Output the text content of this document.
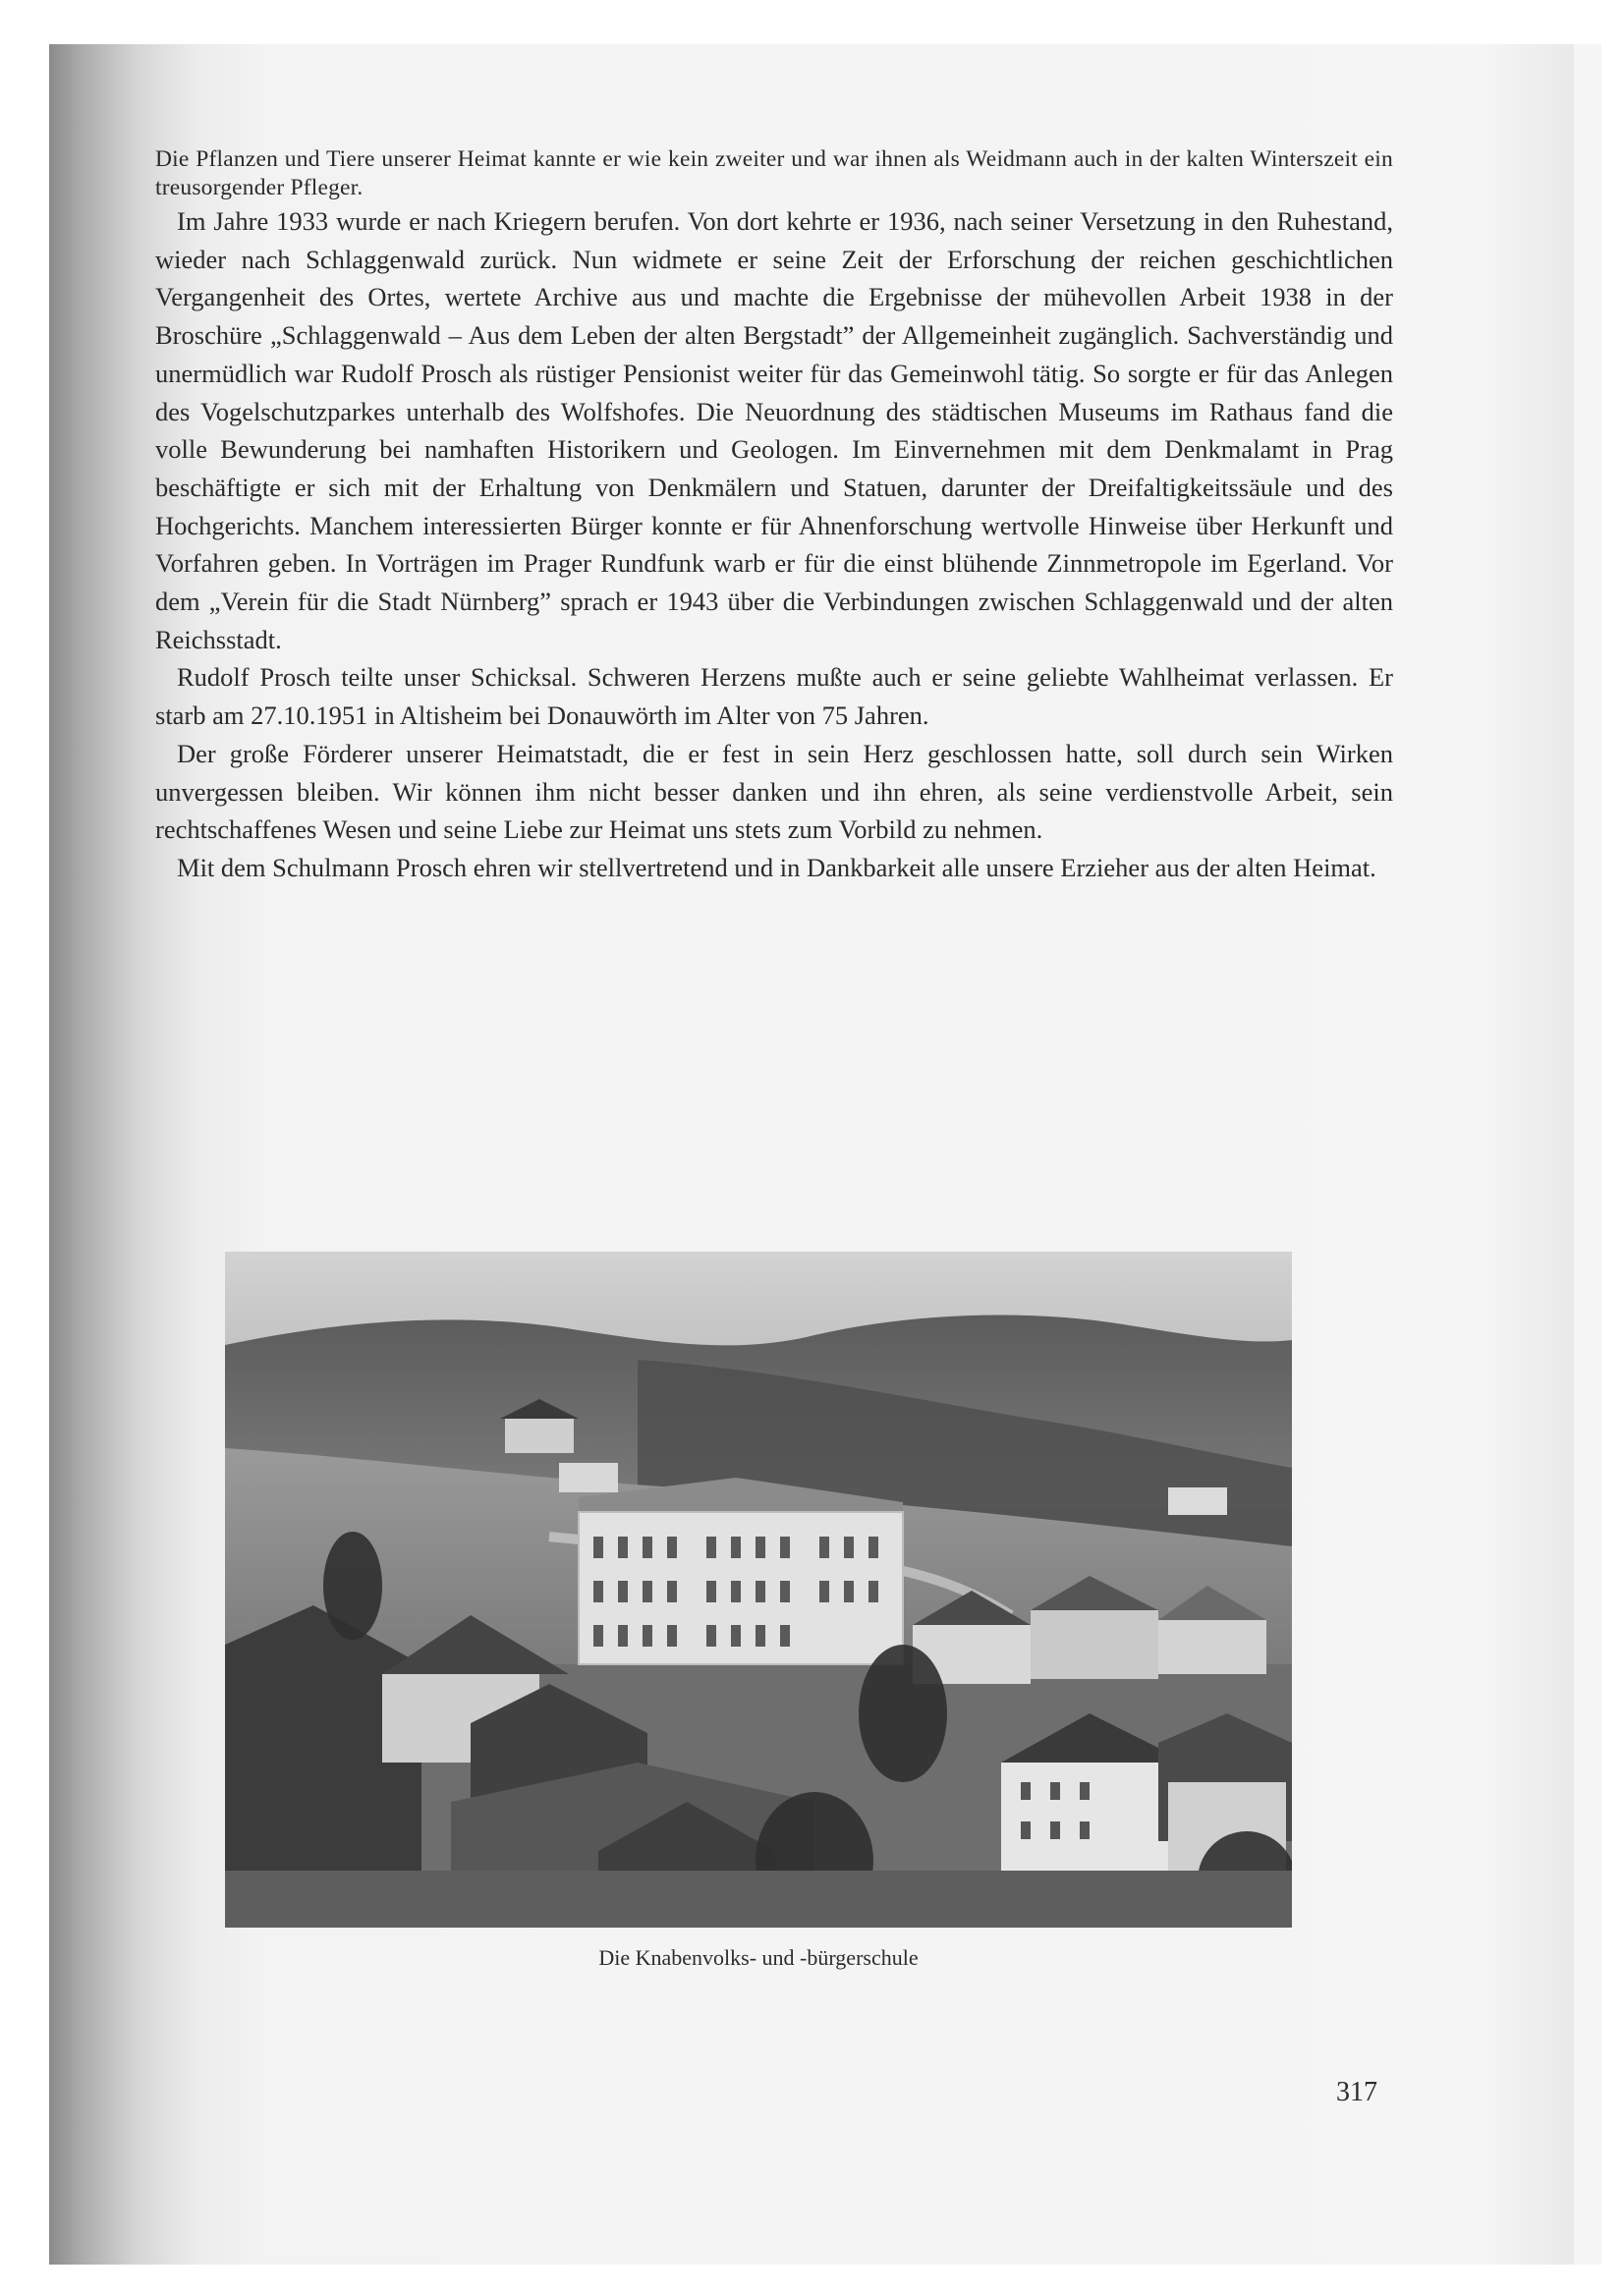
Die Pflanzen und Tiere unserer Heimat kannte er wie kein zweiter und war ihnen als Weidmann auch in der kalten Winterszeit ein treusorgender Pfleger.

Im Jahre 1933 wurde er nach Kriegern berufen. Von dort kehrte er 1936, nach seiner Versetzung in den Ruhestand, wieder nach Schlaggenwald zurück. Nun widmete er seine Zeit der Erforschung der reichen geschichtlichen Vergangenheit des Ortes, wertete Archive aus und machte die Ergebnisse der mühevollen Arbeit 1938 in der Broschüre „Schlaggenwald – Aus dem Leben der alten Bergstadt” der Allgemeinheit zugänglich. Sachverständig und unermüdlich war Rudolf Prosch als rüstiger Pensionist weiter für das Gemeinwohl tätig. So sorgte er für das Anlegen des Vogelschutzparkes unterhalb des Wolfshofes. Die Neuordnung des städtischen Museums im Rathaus fand die volle Bewunderung bei namhaften Historikern und Geologen. Im Einvernehmen mit dem Denkmalamt in Prag beschäftigte er sich mit der Erhaltung von Denkmälern und Statuen, darunter der Dreifaltigkeitssäule und des Hochgerichts. Manchem interessierten Bürger konnte er für Ahnenforschung wertvolle Hinweise über Herkunft und Vorfahren geben. In Vorträgen im Prager Rundfunk warb er für die einst blühende Zinnmetropole im Egerland. Vor dem „Verein für die Stadt Nürnberg” sprach er 1943 über die Verbindungen zwischen Schlaggenwald und der alten Reichsstadt.

Rudolf Prosch teilte unser Schicksal. Schweren Herzens mußte auch er seine geliebte Wahlheimat verlassen. Er starb am 27.10.1951 in Altisheim bei Donauwörth im Alter von 75 Jahren.

Der große Förderer unserer Heimatstadt, die er fest in sein Herz geschlossen hatte, soll durch sein Wirken unvergessen bleiben. Wir können ihm nicht besser danken und ihn ehren, als seine verdienstvolle Arbeit, sein rechtschaffenes Wesen und seine Liebe zur Heimat uns stets zum Vorbild zu nehmen.

Mit dem Schulmann Prosch ehren wir stellvertretend und in Dankbarkeit alle unsere Erzieher aus der alten Heimat.

Die Knabenvolks- und -bürgerschule
317
